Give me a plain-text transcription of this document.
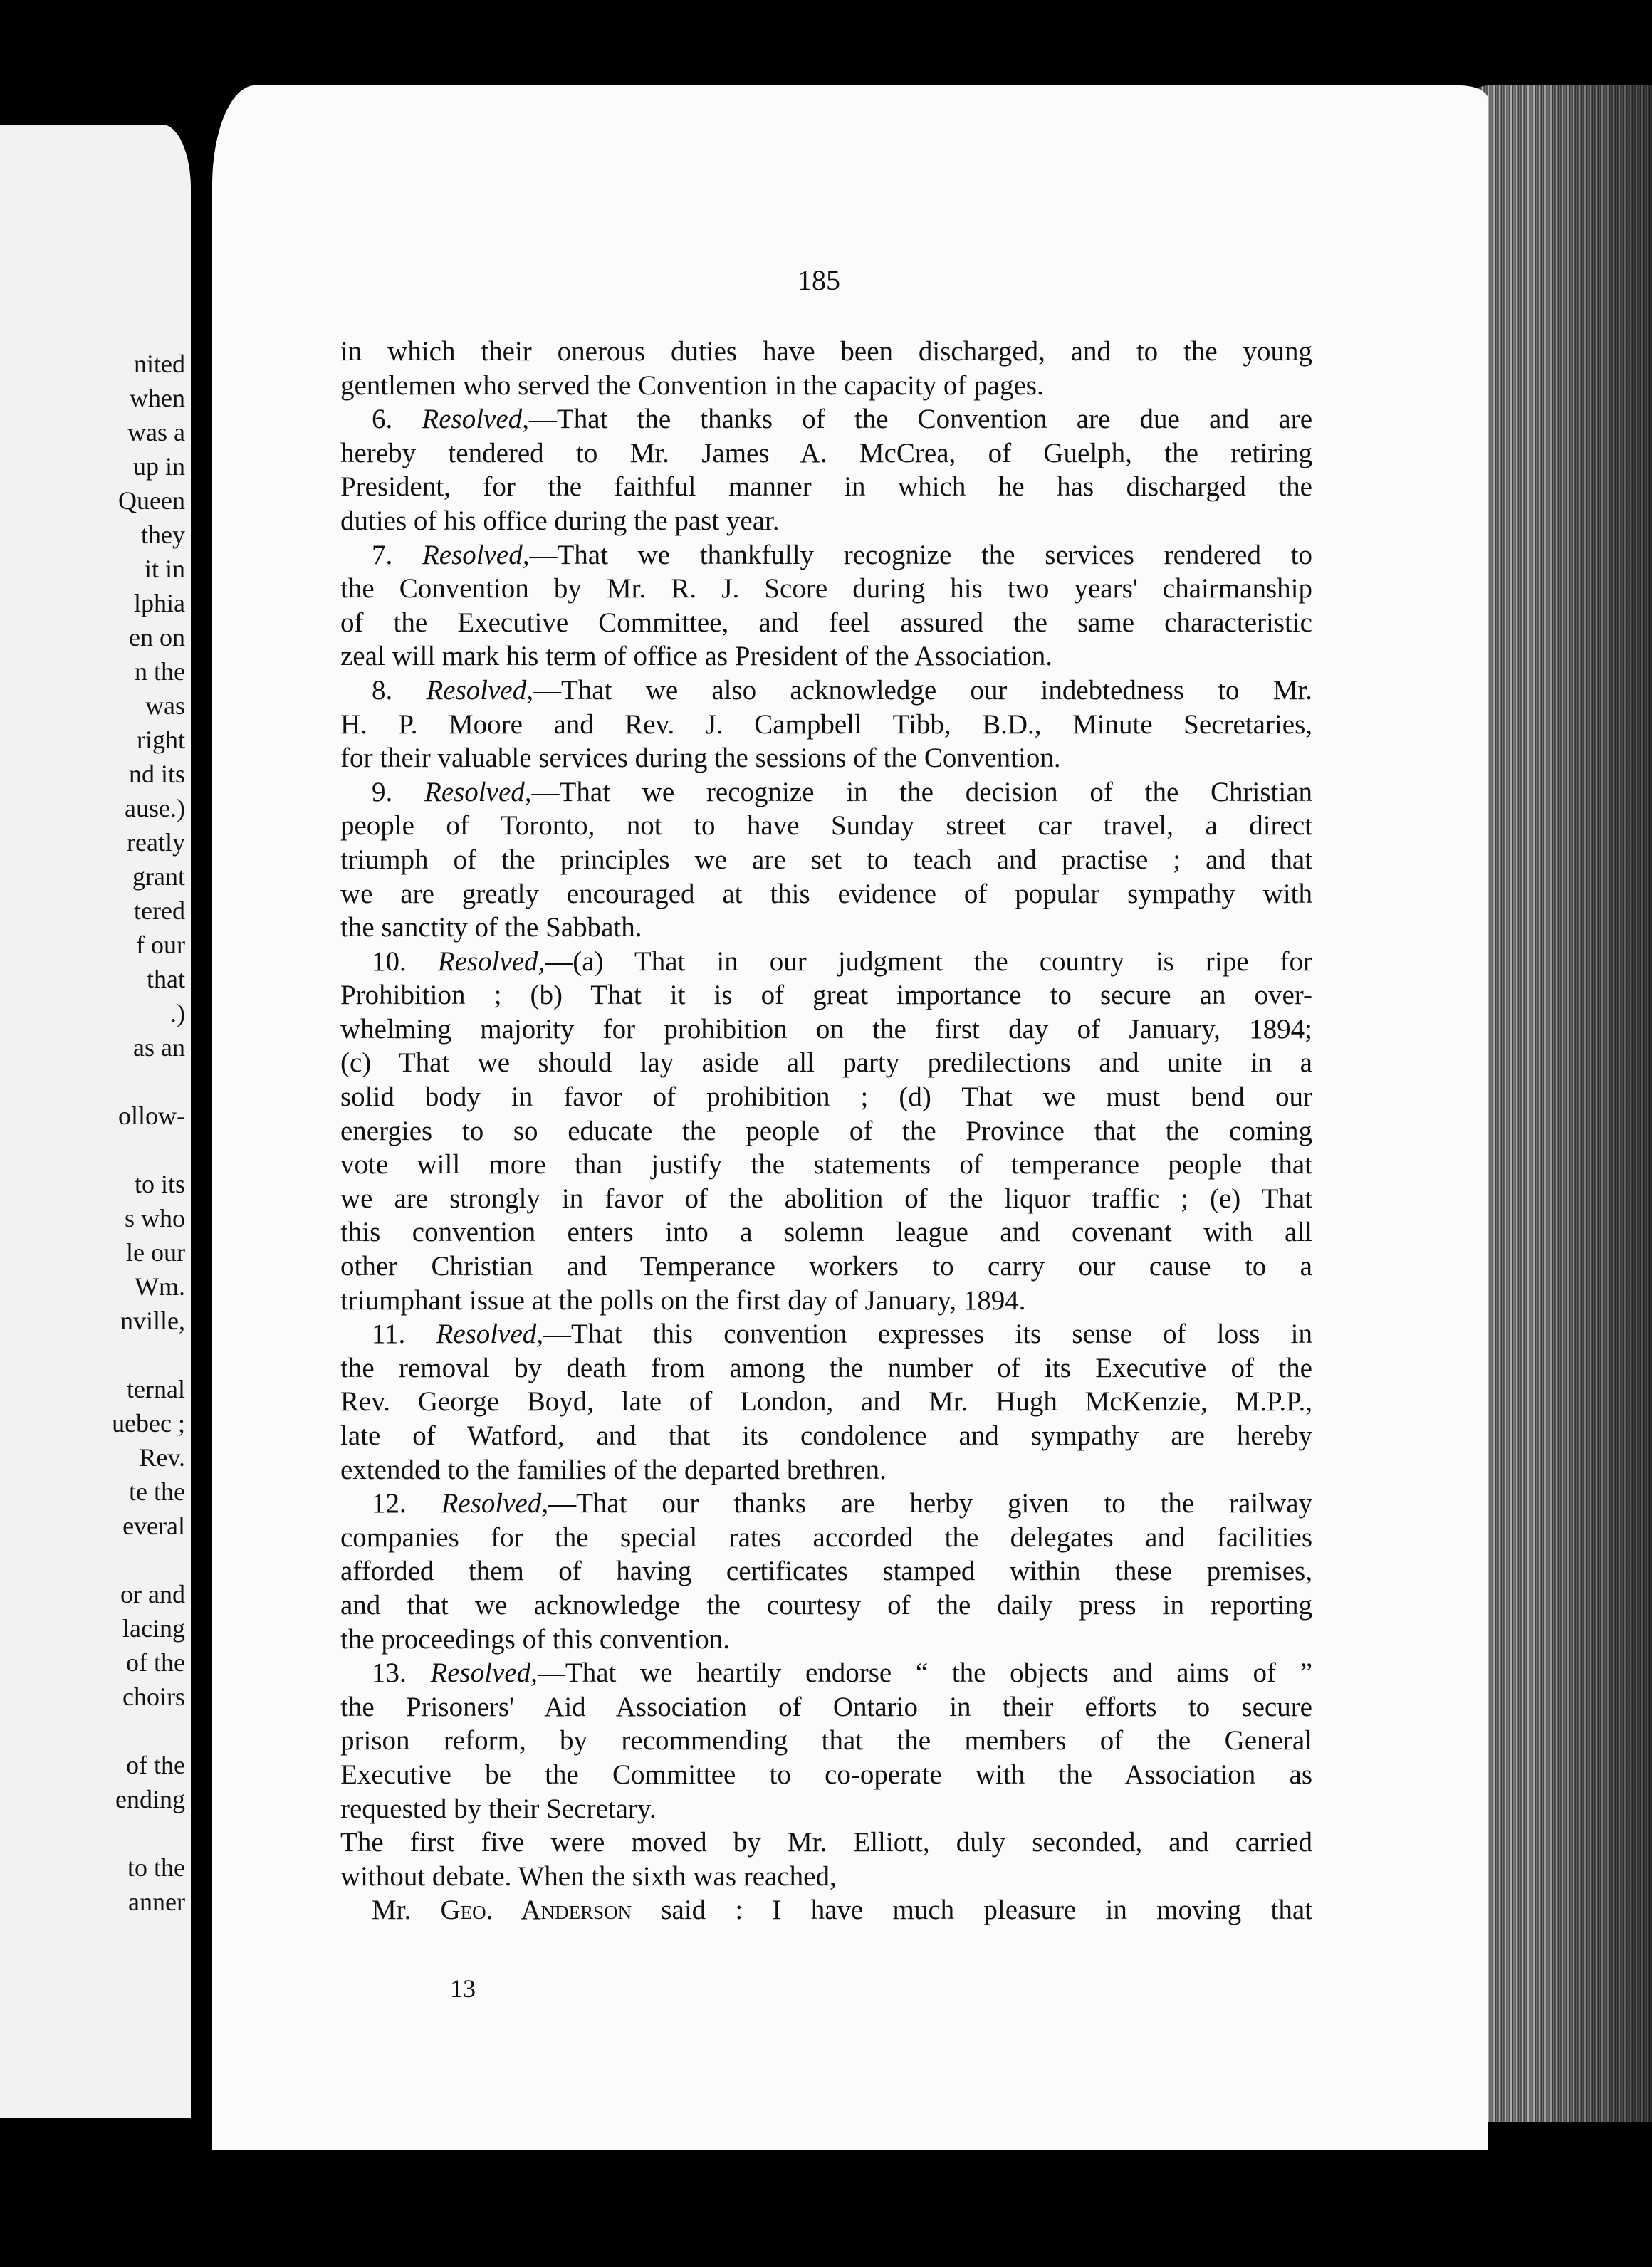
nited
when
was a
up in
Queen
they
it in
lphia
en on
n the
was
right
nd its
ause.)
reatly
grant
tered
f our
that
.)
as an

ollow-

to its
s who
le our
Wm.
nville,

ternal
uebec ;
Rev.
te the
everal

or and
lacing
of the
choirs

of the
ending

to the
anner
185
in which their onerous duties have been discharged, and to the young
gentlemen who served the Convention in the capacity of pages.
6. Resolved,—That the thanks of the Convention are due and are
hereby tendered to Mr. James A. McCrea, of Guelph, the retiring
President, for the faithful manner in which he has discharged the
duties of his office during the past year.
7. Resolved,—That we thankfully recognize the services rendered to
the Convention by Mr. R. J. Score during his two years' chairmanship
of the Executive Committee, and feel assured the same characteristic
zeal will mark his term of office as President of the Association.
8. Resolved,—That we also acknowledge our indebtedness to Mr.
H. P. Moore and Rev. J. Campbell Tibb, B.D., Minute Secretaries,
for their valuable services during the sessions of the Convention.
9. Resolved,—That we recognize in the decision of the Christian
people of Toronto, not to have Sunday street car travel, a direct
triumph of the principles we are set to teach and practise ; and that
we are greatly encouraged at this evidence of popular sympathy with
the sanctity of the Sabbath.
10. Resolved,—(a) That in our judgment the country is ripe for
Prohibition ; (b) That it is of great importance to secure an over-
whelming majority for prohibition on the first day of January, 1894;
(c) That we should lay aside all party predilections and unite in a
solid body in favor of prohibition ; (d) That we must bend our
energies to so educate the people of the Province that the coming
vote will more than justify the statements of temperance people that
we are strongly in favor of the abolition of the liquor traffic ; (e) That
this convention enters into a solemn league and covenant with all
other Christian and Temperance workers to carry our cause to a
triumphant issue at the polls on the first day of January, 1894.
11. Resolved,—That this convention expresses its sense of loss in
the removal by death from among the number of its Executive of the
Rev. George Boyd, late of London, and Mr. Hugh McKenzie, M.P.P.,
late of Watford, and that its condolence and sympathy are hereby
extended to the families of the departed brethren.
12. Resolved,—That our thanks are herby given to the railway
companies for the special rates accorded the delegates and facilities
afforded them of having certificates stamped within these premises,
and that we acknowledge the courtesy of the daily press in reporting
the proceedings of this convention.
13. Resolved,—That we heartily endorse “ the objects and aims of ”
the Prisoners' Aid Association of Ontario in their efforts to secure
prison reform, by recommending that the members of the General
Executive be the Committee to co-operate with the Association as
requested by their Secretary.
The first five were moved by Mr. Elliott, duly seconded, and carried
without debate. When the sixth was reached,
Mr. Geo. Anderson said : I have much pleasure in moving that
13
